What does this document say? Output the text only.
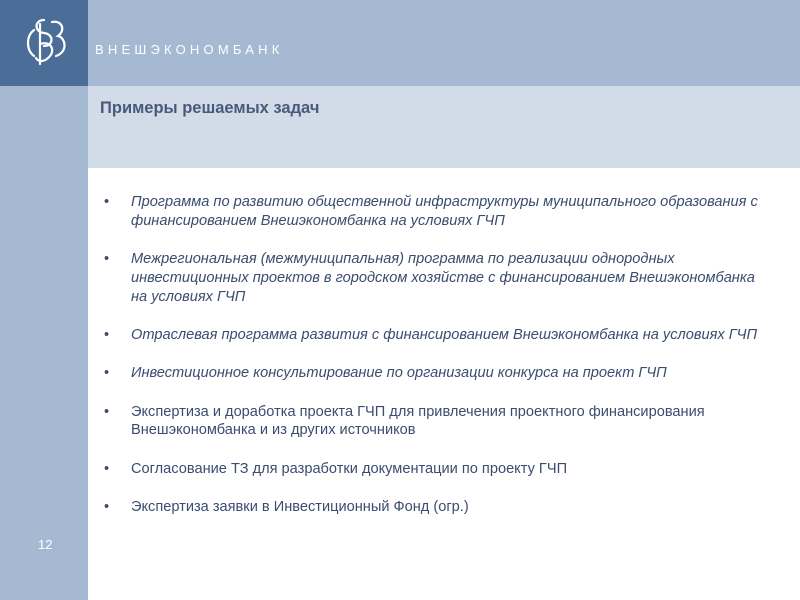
ВНЕШЭКОНОМБАНК
Примеры решаемых задач
12
• Программа по развитию общественной инфраструктуры муниципального образования с финансированием Внешэкономбанка на условиях ГЧП
• Межрегиональная (межмуниципальная) программа по реализации однородных инвестиционных проектов в городском хозяйстве с финансированием Внешэкономбанка на условиях ГЧП
• Отраслевая программа развития с финансированием Внешэкономбанка на условиях ГЧП
• Инвестиционное консультирование по организации конкурса на проект ГЧП
• Экспертиза и доработка проекта ГЧП для привлечения проектного финансирования Внешэкономбанка и из других источников
• Согласование ТЗ для разработки документации по проекту ГЧП
• Экспертиза заявки в Инвестиционный Фонд (огр.)
